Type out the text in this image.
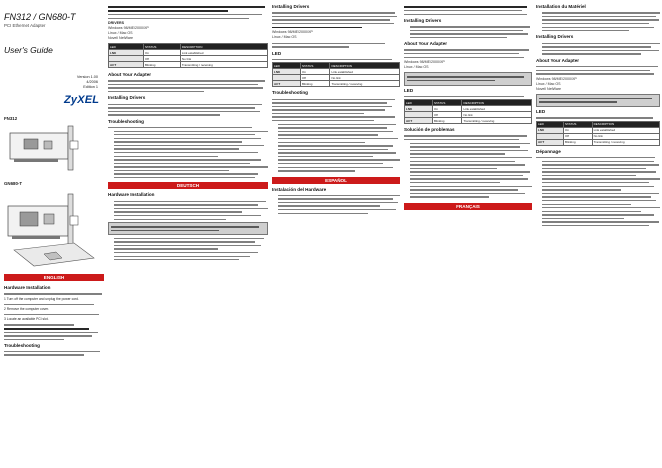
FN312 / GN680-T
PCI Ethernet Adapter
User's Guide
Version 1.00
4/2006
Edition 1
ZyXEL
FN312
GN680-T
ENGLISH
Hardware Installation
1 Turn off the computer and unplug the power cord.
2 Remove the computer cover.
3 Locate an available PCI slot.
Troubleshooting
DRIVERS
Windows 98/ME/2000/XP
Linux / Mac OS
Novell NetWare
LED	STATUS	DESCRIPTION
LNK	On	Link established
	Off	No link
ACT	Blinking	Transmitting / receiving
About Your Adapter
Installing Drivers
Troubleshooting
DEUTSCH
Hardware Installation
Installing Drivers
Windows 98/ME/2000/XP
Linux / Mac OS
LED
LED	STATUS	DESCRIPTION
LNK	On	Link established
	Off	No link
ACT	Blinking	Transmitting / receiving
Troubleshooting
ESPAÑOL
Instalación del Hardware
Installing Drivers
About Your Adapter
Windows 98/ME/2000/XP
Linux / Mac OS
LED
LED	STATUS	DESCRIPTION
LNK	On	Link established
	Off	No link
ACT	Blinking	Transmitting / receiving
Solución de problemas
FRANÇAIS
Installation du Matériel
Installing Drivers
About Your Adapter
Windows 98/ME/2000/XP
Linux / Mac OS
Novell NetWare
LED
LED	STATUS	DESCRIPTION
LNK	On	Link established
	Off	No link
ACT	Blinking	Transmitting / receiving
Dépannage
